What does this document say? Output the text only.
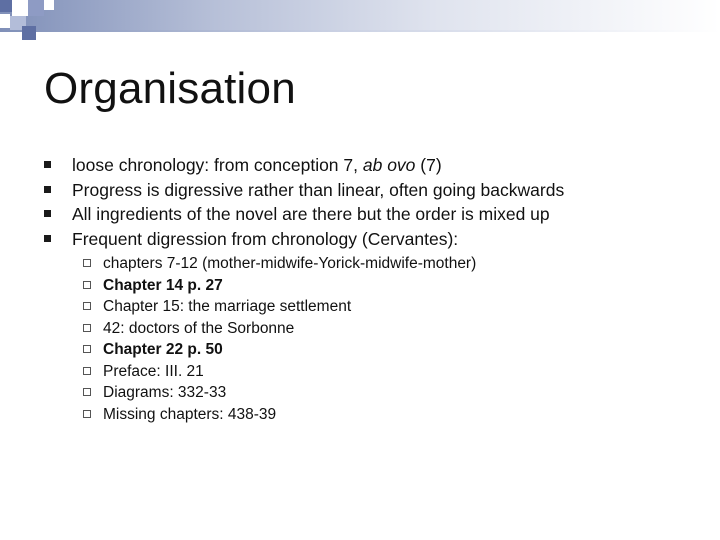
Organisation
loose chronology: from conception 7, ab ovo (7)
Progress is digressive rather than linear, often going backwards
All ingredients of the novel are there but the order is mixed up
Frequent digression from chronology (Cervantes):
chapters 7-12 (mother-midwife-Yorick-midwife-mother)
Chapter 14 p. 27
Chapter 15: the marriage settlement
42: doctors of the Sorbonne
Chapter 22 p. 50
Preface: III. 21
Diagrams: 332-33
Missing chapters: 438-39
